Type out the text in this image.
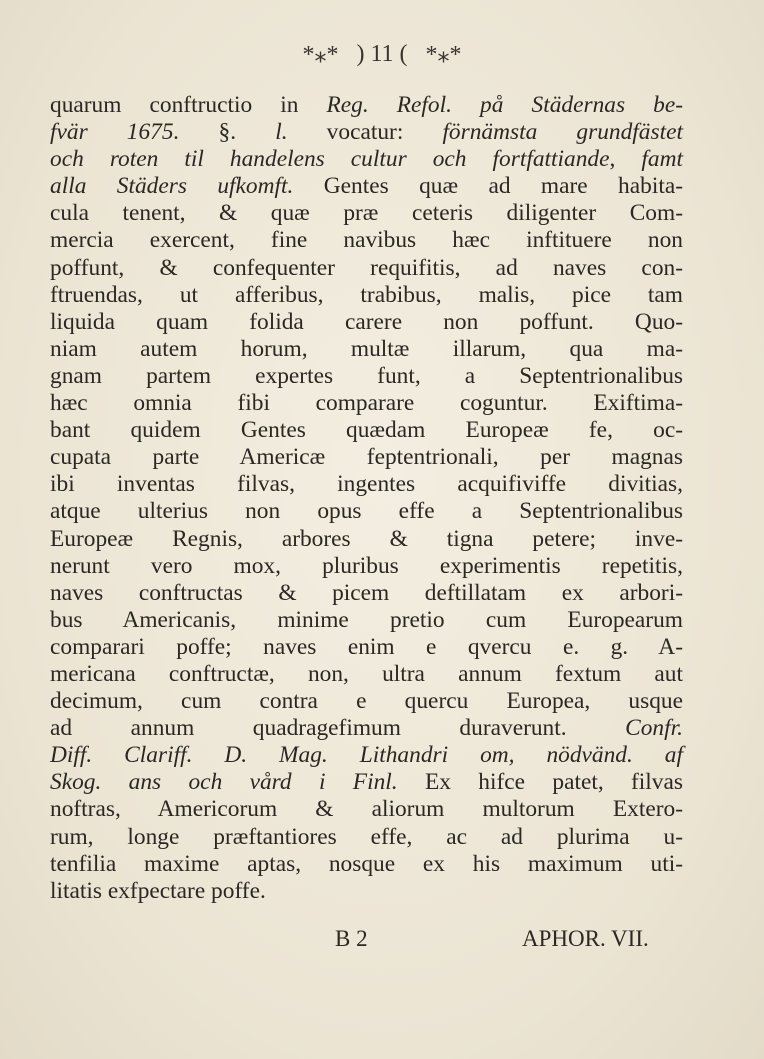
*⁎* ) 11 ( *⁎*
quarum conftructio in Reg. Refol. på Städernas be-
fvär 1675. §. l. vocatur: förnämsta grundfästet
och roten til handelens cultur och fortfattiande, famt
alla Städers ufkomft. Gentes quæ ad mare habita-
cula tenent, & quæ præ ceteris diligenter Com-
mercia exercent, fine navibus hæc inftituere non
poffunt, & confequenter requifitis, ad naves con-
ftruendas, ut afferibus, trabibus, malis, pice tam
liquida quam folida carere non poffunt. Quo-
niam autem horum, multæ illarum, qua ma-
gnam partem expertes funt, a Septentrionalibus
hæc omnia fibi comparare coguntur. Exiftima-
bant quidem Gentes quædam Europeæ fe, oc-
cupata parte Americæ feptentrionali, per magnas
ibi inventas filvas, ingentes acquifiviffe divitias,
atque ulterius non opus effe a Septentrionalibus
Europeæ Regnis, arbores & tigna petere; inve-
nerunt vero mox, pluribus experimentis repetitis,
naves conftructas & picem deftillatam ex arbori-
bus Americanis, minime pretio cum Europearum
comparari poffe; naves enim e qvercu e. g. A-
mericana conftructæ, non, ultra annum fextum aut
decimum, cum contra e quercu Europea, usque
ad annum quadragefimum duraverunt. Confr.
Diff. Clariff. D. Mag. Lithandri om, nödvänd. af
Skog. ans och vård i Finl. Ex hifce patet, filvas
noftras, Americorum & aliorum multorum Extero-
rum, longe præftantiores effe, ac ad plurima u-
tenfilia maxime aptas, nosque ex his maximum uti-
litatis exfpectare poffe.
B 2	APHOR. VII.
